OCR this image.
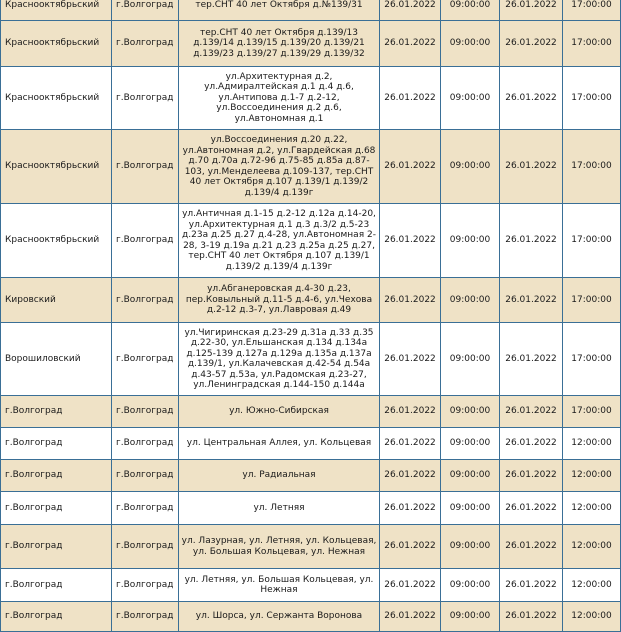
Краснооктябрьский	г.Волгоград	тер.СНТ 40 лет Октября д.№139/31	26.01.2022	09:00:00	26.01.2022	17:00:00
Краснооктябрьский	г.Волгоград	тер.СНТ 40 лет Октября д.139/13 д.139/14 д.139/15 д.139/20 д.139/21 д.139/23 д.139/27 д.139/29 д.139/32	26.01.2022	09:00:00	26.01.2022	17:00:00
Краснооктябрьский	г.Волгоград	ул.Архитектурная д.2, ул.Адмиралтейская д.1 д.4 д.6, ул.Антипова д.1-7 д.2-12, ул.Воссоединения д.2 д.6, ул.Автономная д.1	26.01.2022	09:00:00	26.01.2022	17:00:00
Краснооктябрьский	г.Волгоград	ул.Воссоединения д.20 д.22, ул.Автономная д.2, ул.Гвардейская д.68 д.70 д.70а д.72-96 д.75-85 д.85а д.87-103, ул.Менделеева д.109-137, тер.СНТ 40 лет Октября д.107 д.139/1 д.139/2 д.139/4 д.139г	26.01.2022	09:00:00	26.01.2022	17:00:00
Краснооктябрьский	г.Волгоград	ул.Античная д.1-15 д.2-12 д.12а д.14-20, ул.Архитектурная д.1 д.3 д.3/2 д.5-23 д.23а д.25 д.27 д.4-28, ул.Автономная 2-28, 3-19 д.19а д.21 д.23 д.25а д.25 д.27, тер.СНТ 40 лет Октября д.107 д.139/1 д.139/2 д.139/4 д.139г	26.01.2022	09:00:00	26.01.2022	17:00:00
Кировский	г.Волгоград	ул.Абганеровская д.4-30 д.23, пер.Ковыльный д.11-5 д.4-6, ул.Чехова д.2-12 д.3-7, ул.Лавровая д.49	26.01.2022	09:00:00	26.01.2022	17:00:00
Ворошиловский	г.Волгоград	ул.Чигиринская д.23-29 д.31а д.33 д.35 д.22-30, ул.Ельшанская д.134 д.134а д.125-139 д.127а д.129а д.135а д.137а д.139/1, ул.Калачевская д.42-54 д.54а д.43-57 д.53а, ул.Радомская д.23-27, ул.Ленинградская д.144-150 д.144а	26.01.2022	09:00:00	26.01.2022	17:00:00
г.Волгоград	г.Волгоград	ул. Южно-Сибирская	26.01.2022	09:00:00	26.01.2022	17:00:00
г.Волгоград	г.Волгоград	ул. Центральная Аллея, ул. Кольцевая	26.01.2022	09:00:00	26.01.2022	12:00:00
г.Волгоград	г.Волгоград	ул. Радиальная	26.01.2022	09:00:00	26.01.2022	12:00:00
г.Волгоград	г.Волгоград	ул. Летняя	26.01.2022	09:00:00	26.01.2022	12:00:00
г.Волгоград	г.Волгоград	ул. Лазурная, ул. Летняя, ул. Кольцевая, ул. Большая Кольцевая, ул. Нежная	26.01.2022	09:00:00	26.01.2022	12:00:00
г.Волгоград	г.Волгоград	ул. Летняя, ул. Большая Кольцевая, ул. Нежная	26.01.2022	09:00:00	26.01.2022	12:00:00
г.Волгоград	г.Волгоград	ул. Шорса, ул. Сержанта Воронова	26.01.2022	09:00:00	26.01.2022	12:00:00
